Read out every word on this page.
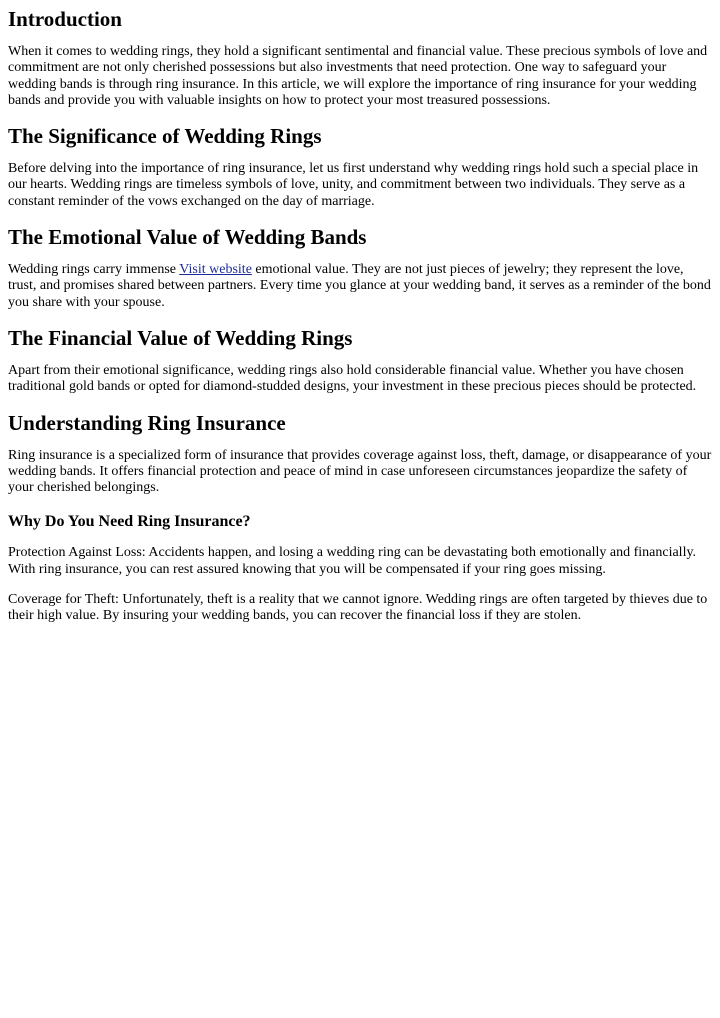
Introduction

When it comes to wedding rings, they hold a significant sentimental and financial value. These precious symbols of love and commitment are not only cherished possessions but also investments that need protection. One way to safeguard your wedding bands is through ring insurance. In this article, we will explore the importance of ring insurance for your wedding bands and provide you with valuable insights on how to protect your most treasured possessions.

The Significance of Wedding Rings

Before delving into the importance of ring insurance, let us first understand why wedding rings hold such a special place in our hearts. Wedding rings are timeless symbols of love, unity, and commitment between two individuals. They serve as a constant reminder of the vows exchanged on the day of marriage.

The Emotional Value of Wedding Bands

Wedding rings carry immense Visit website emotional value. They are not just pieces of jewelry; they represent the love, trust, and promises shared between partners. Every time you glance at your wedding band, it serves as a reminder of the bond you share with your spouse.

The Financial Value of Wedding Rings

Apart from their emotional significance, wedding rings also hold considerable financial value. Whether you have chosen traditional gold bands or opted for diamond-studded designs, your investment in these precious pieces should be protected.

Understanding Ring Insurance

Ring insurance is a specialized form of insurance that provides coverage against loss, theft, damage, or disappearance of your wedding bands. It offers financial protection and peace of mind in case unforeseen circumstances jeopardize the safety of your cherished belongings.

Why Do You Need Ring Insurance?

Protection Against Loss: Accidents happen, and losing a wedding ring can be devastating both emotionally and financially. With ring insurance, you can rest assured knowing that you will be compensated if your ring goes missing.

Coverage for Theft: Unfortunately, theft is a reality that we cannot ignore. Wedding rings are often targeted by thieves due to their high value. By insuring your wedding bands, you can recover the financial loss if they are stolen.
